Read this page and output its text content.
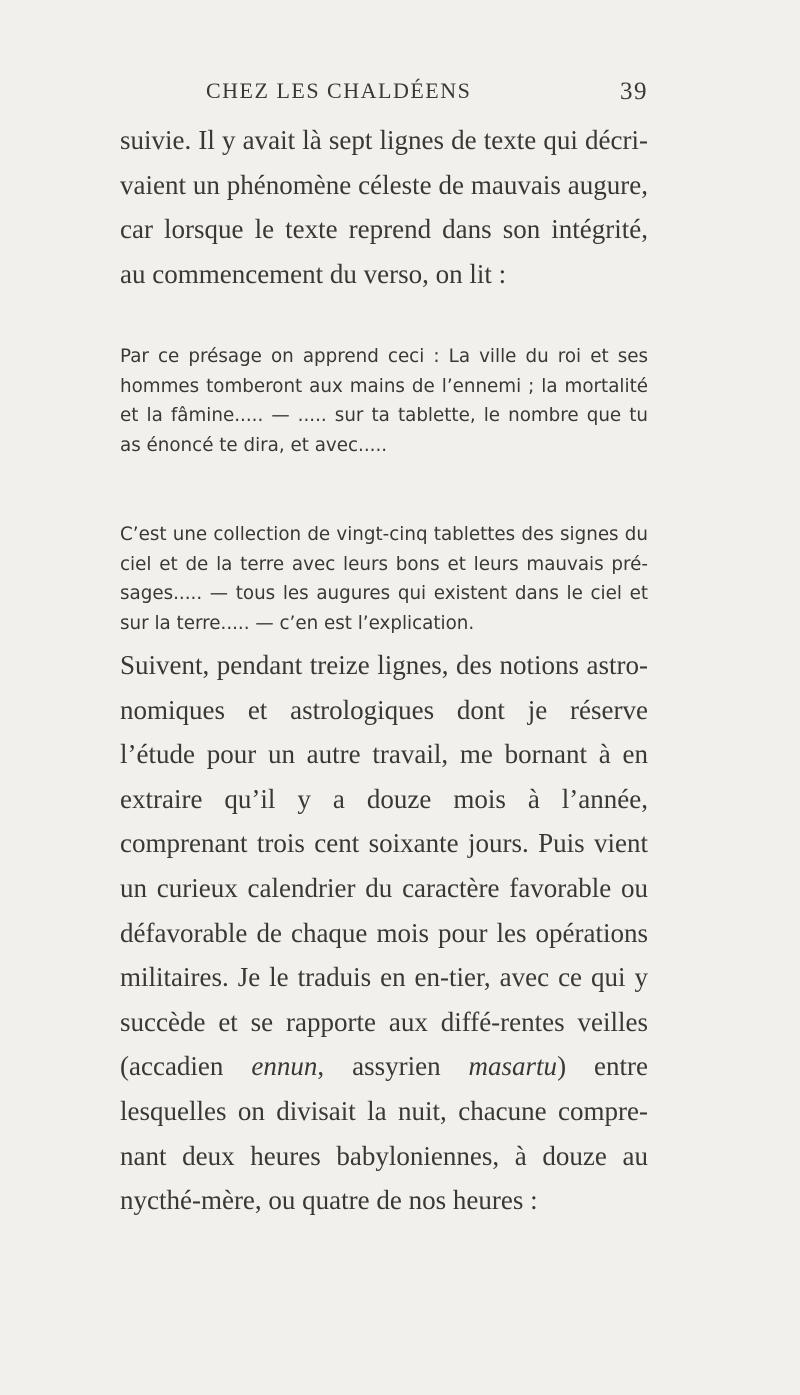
CHEZ LES CHALDÉENS	39

suivie. Il y avait là sept lignes de texte qui décri-vaient un phénomène céleste de mauvais augure, car lorsque le texte reprend dans son intégrité, au commencement du verso, on lit :

Par ce présage on apprend ceci : La ville du roi et ses hommes tomberont aux mains de l’ennemi ; la mortalité et la fâmine..... — ..... sur ta tablette, le nombre que tu as énoncé te dira, et avec.....

C’est une collection de vingt-cinq tablettes des signes du ciel et de la terre avec leurs bons et leurs mauvais pré-sages..... — tous les augures qui existent dans le ciel et sur la terre..... — c’en est l’explication.

Suivent, pendant treize lignes, des notions astro-nomiques et astrologiques dont je réserve l’étude pour un autre travail, me bornant à en extraire qu’il y a douze mois à l’année, comprenant trois cent soixante jours. Puis vient un curieux calendrier du caractère favorable ou défavorable de chaque mois pour les opérations militaires. Je le traduis en en-tier, avec ce qui y succède et se rapporte aux diffé-rentes veilles (accadien ennun, assyrien masartu) entre lesquelles on divisait la nuit, chacune compre-nant deux heures babyloniennes, à douze au nycthé-mère, ou quatre de nos heures :
